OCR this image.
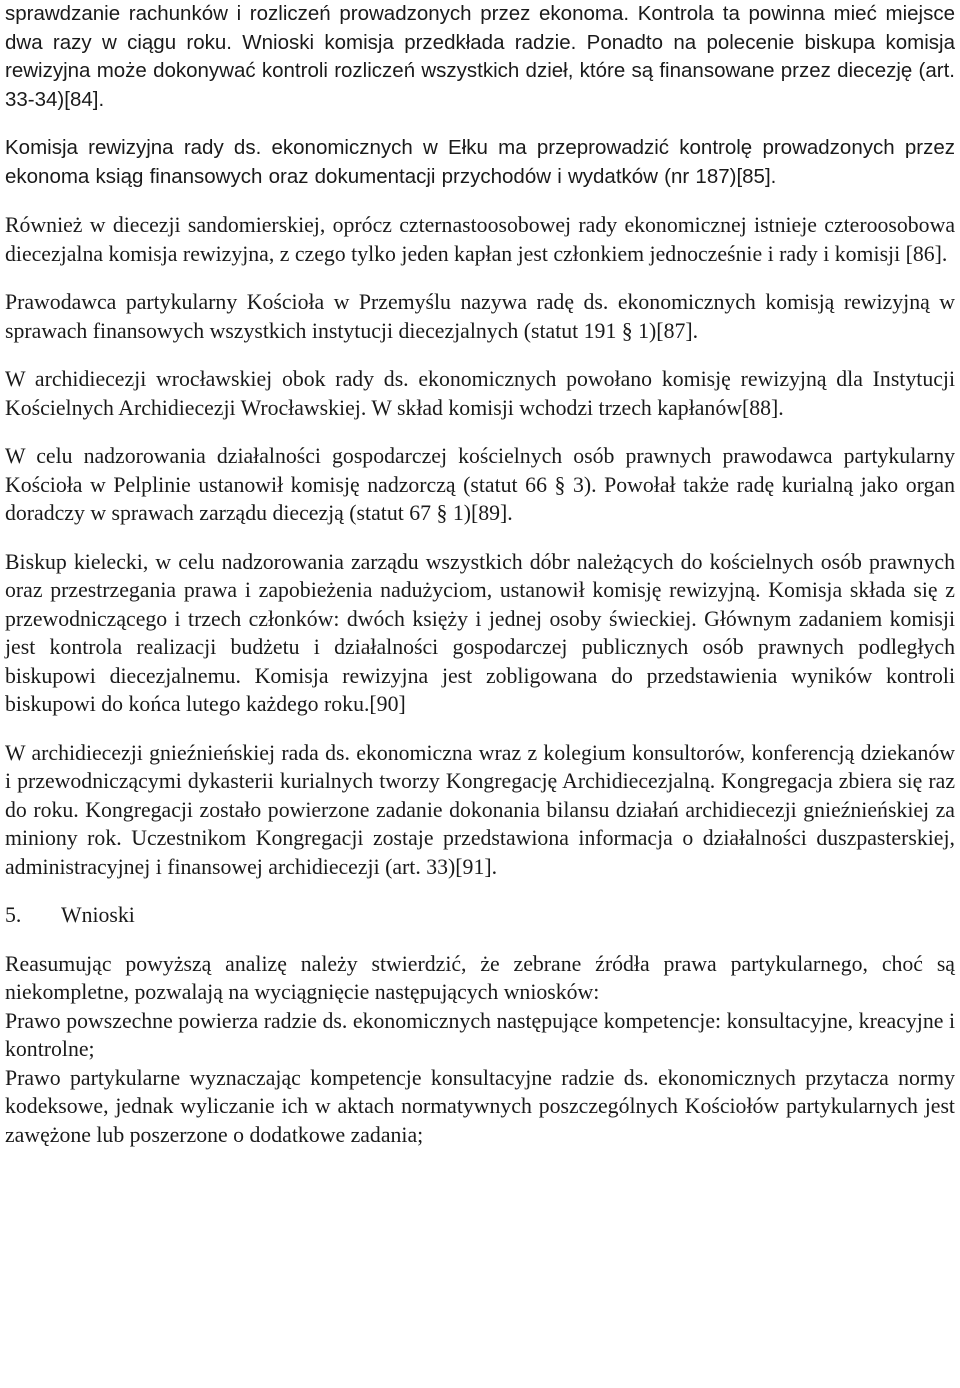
sprawdzanie rachunków i rozliczeń prowadzonych przez ekonoma. Kontrola ta powinna mieć miejsce dwa razy w ciągu roku. Wnioski komisja przedkłada radzie. Ponadto na polecenie biskupa komisja rewizyjna może dokonywać kontroli rozliczeń wszystkich dzieł, które są finansowane przez diecezję (art. 33-34)[84].

Komisja rewizyjna rady ds. ekonomicznych w Ełku ma przeprowadzić kontrolę prowadzonych przez ekonoma ksiąg finansowych oraz dokumentacji przychodów i wydatków (nr 187)[85].

Również w diecezji sandomierskiej, oprócz czternastoosobowej rady ekonomicznej istnieje czteroosobowa diecezjalna komisja rewizyjna, z czego tylko jeden kapłan jest członkiem jednocześnie i rady i komisji [86].

Prawodawca partykularny Kościoła w Przemyślu nazywa radę ds. ekonomicznych komisją rewizyjną w sprawach finansowych wszystkich instytucji diecezjalnych (statut 191 § 1)[87].

W archidiecezji wrocławskiej obok rady ds. ekonomicznych powołano komisję rewizyjną dla Instytucji Kościelnych Archidiecezji Wrocławskiej. W skład komisji wchodzi trzech kapłanów[88].

W celu nadzorowania działalności gospodarczej kościelnych osób prawnych prawodawca partykularny Kościoła w Pelplinie ustanowił komisję nadzorczą (statut 66 § 3). Powołał także radę kurialną jako organ doradczy w sprawach zarządu diecezją (statut 67 § 1)[89].

Biskup kielecki, w celu nadzorowania zarządu wszystkich dóbr należących do kościelnych osób prawnych oraz przestrzegania prawa i zapobieżenia nadużyciom, ustanowił komisję rewizyjną. Komisja składa się z przewodniczącego i trzech członków: dwóch księży i jednej osoby świeckiej. Głównym zadaniem komisji jest kontrola realizacji budżetu i działalności gospodarczej publicznych osób prawnych podległych biskupowi diecezjalnemu. Komisja rewizyjna jest zobligowana do przedstawienia wyników kontroli biskupowi do końca lutego każdego roku.[90]

W archidiecezji gnieźnieńskiej rada ds. ekonomiczna wraz z kolegium konsultorów, konferencją dziekanów i przewodniczącymi dykasterii kurialnych tworzy Kongregację Archidiecezjalną. Kongregacja zbiera się raz do roku. Kongregacji zostało powierzone zadanie dokonania bilansu działań archidiecezji gnieźnieńskiej za miniony rok. Uczestnikom Kongregacji zostaje przedstawiona informacja o działalności duszpasterskiej, administracyjnej i finansowej archidiecezji (art. 33)[91].

5.	Wnioski

Reasumując powyższą analizę należy stwierdzić, że zebrane źródła prawa partykularnego, choć są niekompletne, pozwalają na wyciągnięcie następujących wniosków:

Prawo powszechne powierza radzie ds. ekonomicznych następujące kompetencje: konsultacyjne, kreacyjne i kontrolne;

Prawo partykularne wyznaczając kompetencje konsultacyjne radzie ds. ekonomicznych przytacza normy kodeksowe, jednak wyliczanie ich w aktach normatywnych poszczególnych Kościołów partykularnych jest zawężone lub poszerzone o dodatkowe zadania;
